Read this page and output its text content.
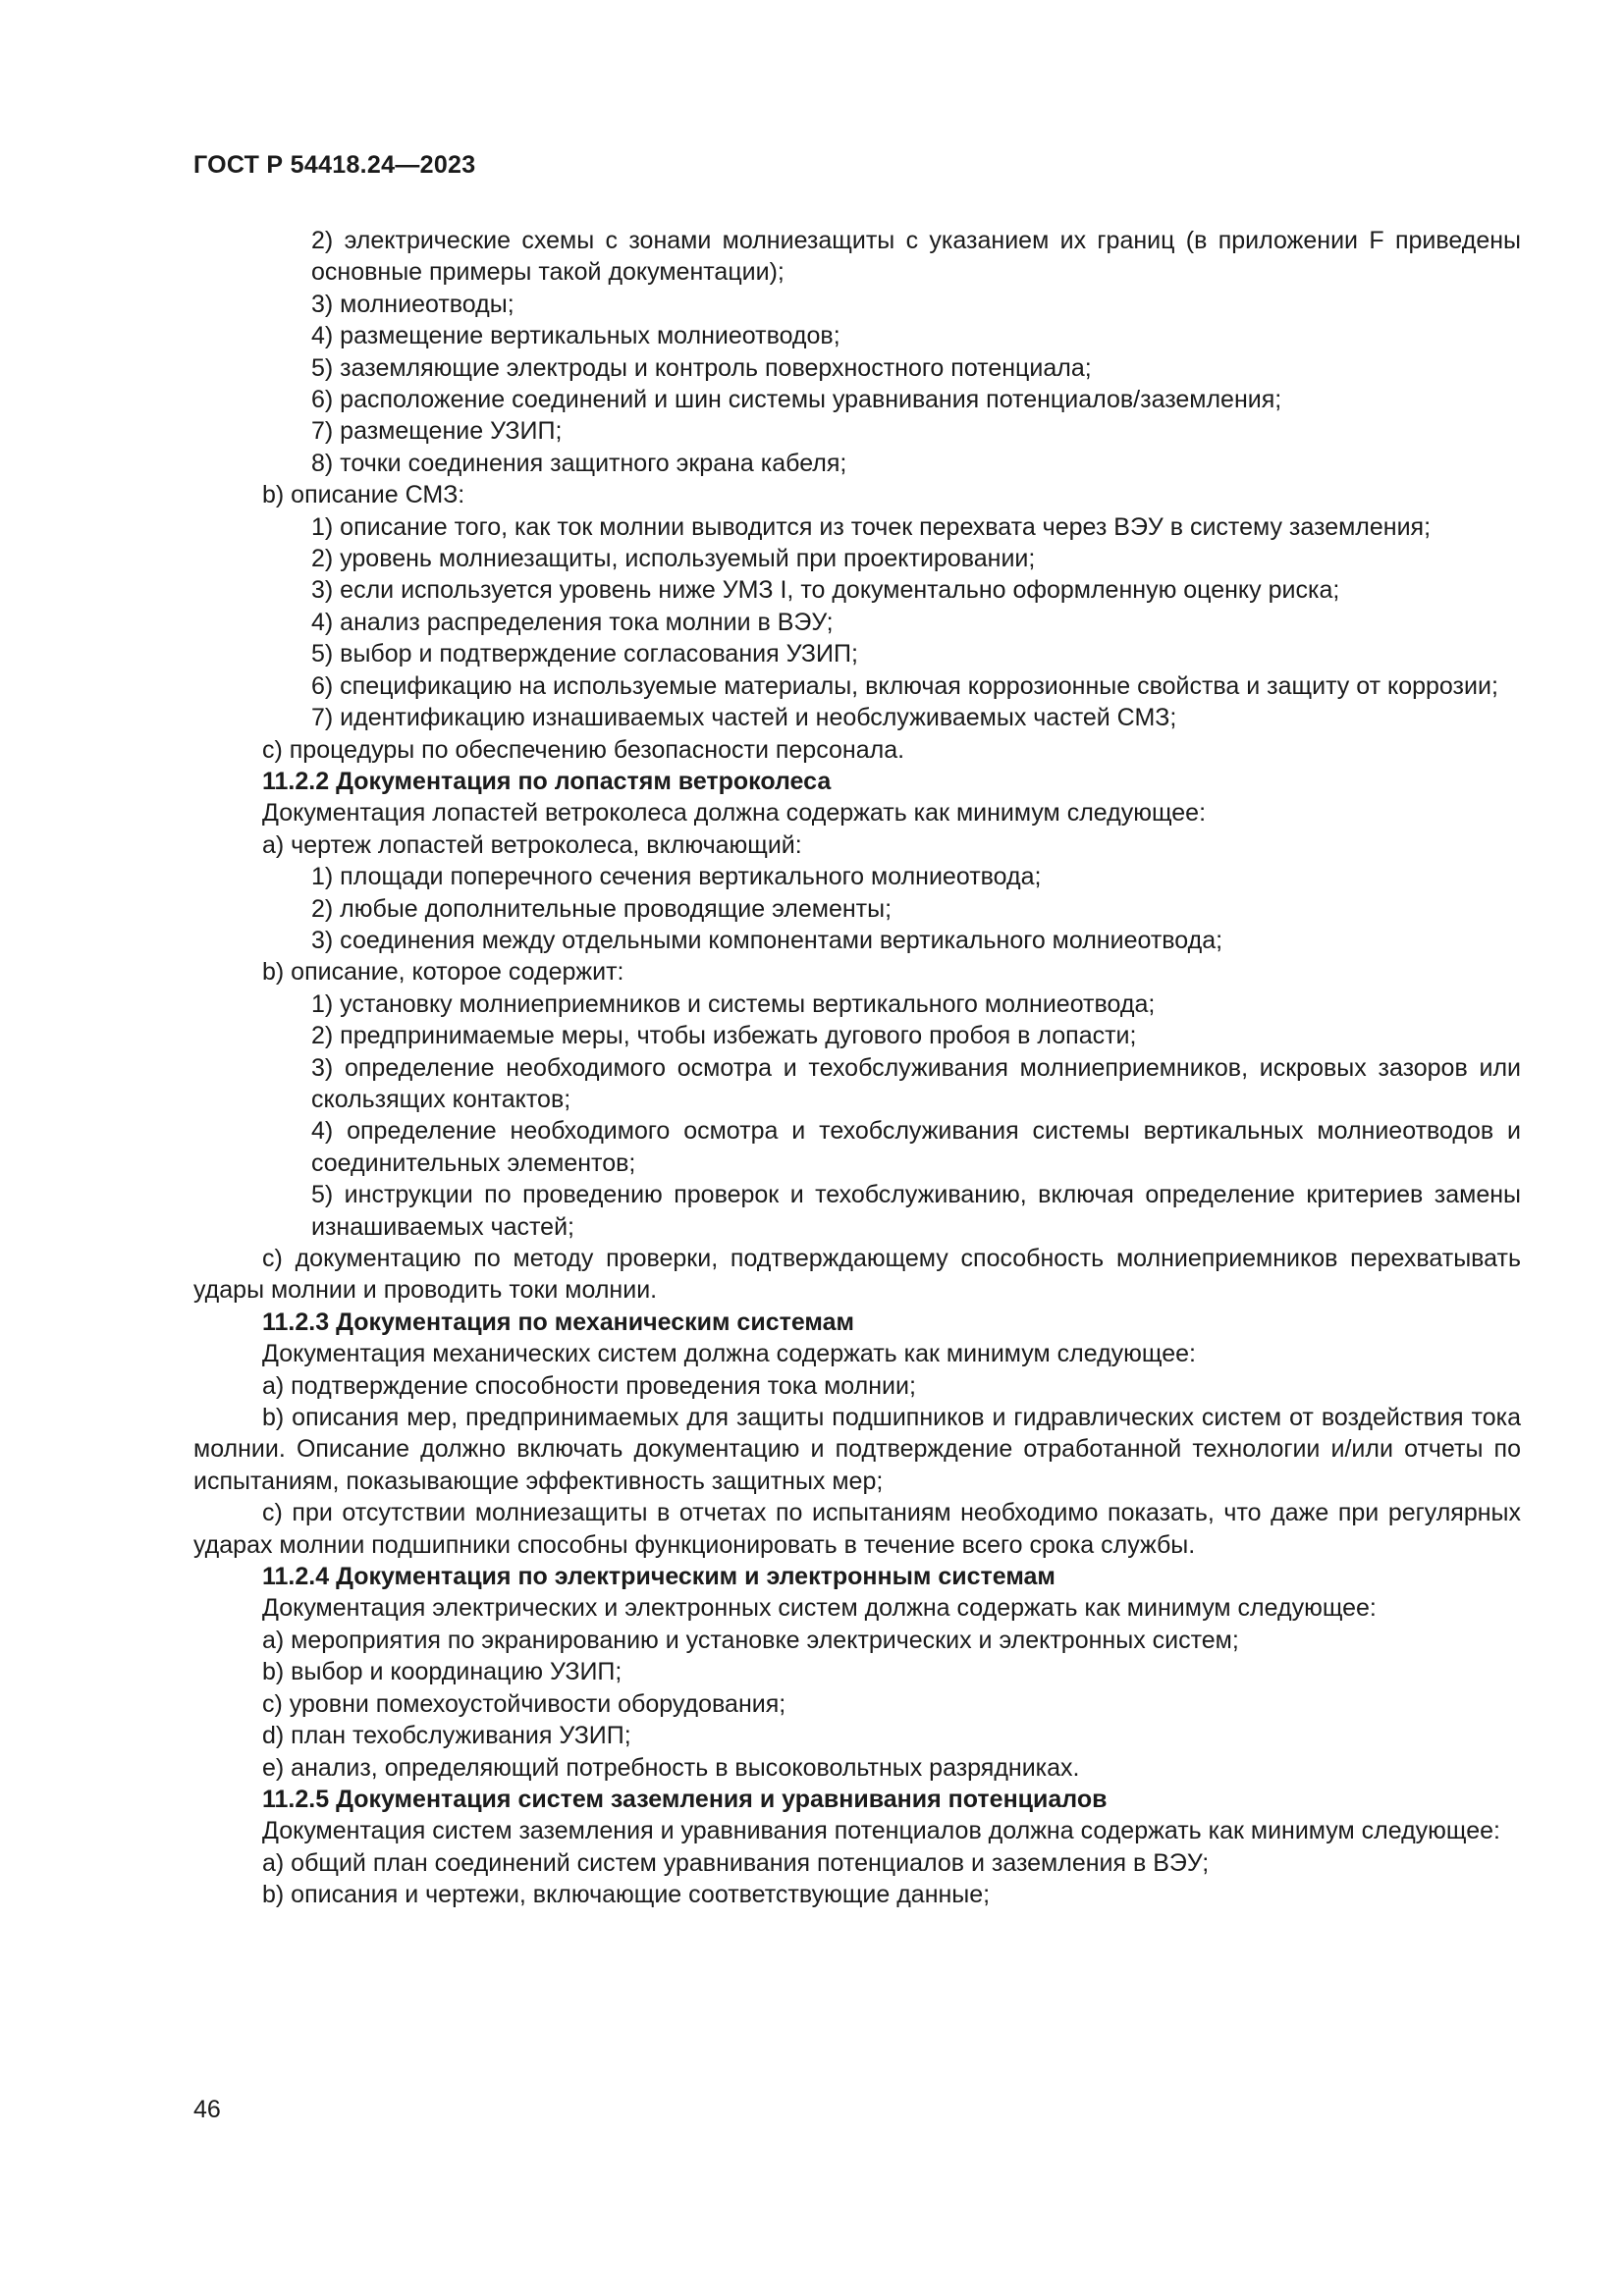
ГОСТ Р 54418.24—2023

2) электрические схемы с зонами молниезащиты с указанием их границ (в приложении F приведены основные примеры такой документации);

3) молниеотводы;

4) размещение вертикальных молниеотводов;

5) заземляющие электроды и контроль поверхностного потенциала;

6) расположение соединений и шин системы уравнивания потенциалов/заземления;

7) размещение УЗИП;

8) точки соединения защитного экрана кабеля;

b) описание СМЗ:

1) описание того, как ток молнии выводится из точек перехвата через ВЭУ в систему заземления;

2) уровень молниезащиты, используемый при проектировании;

3) если используется уровень ниже УМЗ I, то документально оформленную оценку риска;

4) анализ распределения тока молнии в ВЭУ;

5) выбор и подтверждение согласования УЗИП;

6) спецификацию на используемые материалы, включая коррозионные свойства и защиту от коррозии;

7) идентификацию изнашиваемых частей и необслуживаемых частей СМЗ;

с) процедуры по обеспечению безопасности персонала.

11.2.2 Документация по лопастям ветроколеса

Документация лопастей ветроколеса должна содержать как минимум следующее:

а) чертеж лопастей ветроколеса, включающий:

1) площади поперечного сечения вертикального молниеотвода;

2) любые дополнительные проводящие элементы;

3) соединения между отдельными компонентами вертикального молниеотвода;

b) описание, которое содержит:

1) установку молниеприемников и системы вертикального молниеотвода;

2) предпринимаемые меры, чтобы избежать дугового пробоя в лопасти;

3) определение необходимого осмотра и техобслуживания молниеприемников, искровых зазоров или скользящих контактов;

4) определение необходимого осмотра и техобслуживания системы вертикальных молниеотводов и соединительных элементов;

5) инструкции по проведению проверок и техобслуживанию, включая определение критериев замены изнашиваемых частей;

с) документацию по методу проверки, подтверждающему способность молниеприемников перехватывать удары молнии и проводить токи молнии.

11.2.3 Документация по механическим системам

Документация механических систем должна содержать как минимум следующее:

а) подтверждение способности проведения тока молнии;

b) описания мер, предпринимаемых для защиты подшипников и гидравлических систем от воздействия тока молнии. Описание должно включать документацию и подтверждение отработанной технологии и/или отчеты по испытаниям, показывающие эффективность защитных мер;

с) при отсутствии молниезащиты в отчетах по испытаниям необходимо показать, что даже при регулярных ударах молнии подшипники способны функционировать в течение всего срока службы.

11.2.4 Документация по электрическим и электронным системам

Документация электрических и электронных систем должна содержать как минимум следующее:

а) мероприятия по экранированию и установке электрических и электронных систем;

b) выбор и координацию УЗИП;

с) уровни помехоустойчивости оборудования;

d) план техобслуживания УЗИП;

е) анализ, определяющий потребность в высоковольтных разрядниках.

11.2.5 Документация систем заземления и уравнивания потенциалов

Документация систем заземления и уравнивания потенциалов должна содержать как минимум следующее:

а) общий план соединений систем уравнивания потенциалов и заземления в ВЭУ;

b) описания и чертежи, включающие соответствующие данные;

46
